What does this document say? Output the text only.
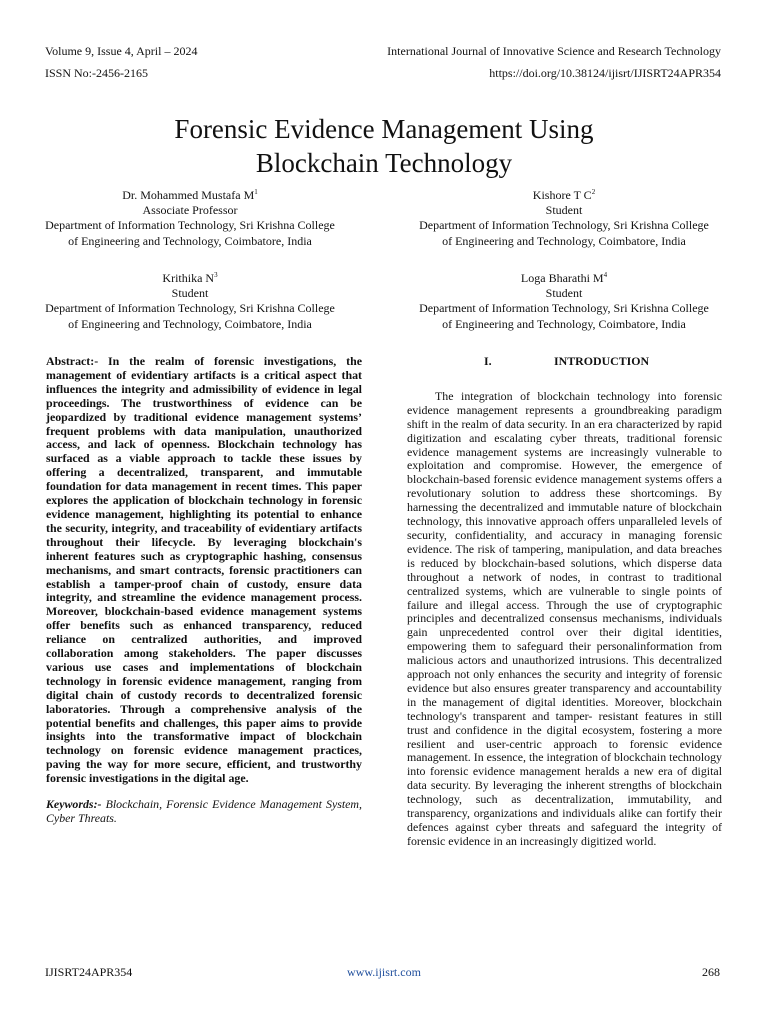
Volume 9, Issue 4, April – 2024	International Journal of Innovative Science and Research Technology
ISSN No:-2456-2165	https://doi.org/10.38124/ijisrt/IJISRT24APR354
Forensic Evidence Management Using
Blockchain Technology
Dr. Mohammed Mustafa $M^1$
Associate Professor
Department of Information Technology, Sri Krishna College
of Engineering and Technology, Coimbatore, India
Kishore T $C^2$
Student
Department of Information Technology, Sri Krishna College
of Engineering and Technology, Coimbatore, India
Krithika $N^3$
Student
Department of Information Technology, Sri Krishna College
of Engineering and Technology, Coimbatore, India
Loga Bharathi $M^4$
Student
Department of Information Technology, Sri Krishna College
of Engineering and Technology, Coimbatore, India

Abstract:- In the realm of forensic investigations, the management of evidentiary artifacts is a critical aspect that influences the integrity and admissibility of evidence in legal proceedings. The trustworthiness of evidence can be jeopardized by traditional evidence management systems’ frequent problems with data manipulation, unauthorized access, and lack of openness. Blockchain technology has surfaced as a viable approach to tackle these issues by offering a decentralized, transparent, and immutable foundation for data management in recent times. This paper explores the application of blockchain technology in forensic evidence management, highlighting its potential to enhance the security, integrity, and traceability of evidentiary artifacts throughout their lifecycle. By leveraging blockchain's inherent features such as cryptographic hashing, consensus mechanisms, and smart contracts, forensic practitioners can establish a tamper-proof chain of custody, ensure data integrity, and streamline the evidence management process. Moreover, blockchain-based evidence management systems offer benefits such as enhanced transparency, reduced reliance on centralized authorities, and improved collaboration among stakeholders. The paper discusses various use cases and implementations of blockchain technology in forensic evidence management, ranging from digital chain of custody records to decentralized forensic laboratories. Through a comprehensive analysis of the potential benefits and challenges, this paper aims to provide insights into the transformative impact of blockchain technology on forensic evidence management practices, paving the way for more secure, efficient, and trustworthy forensic investigations in the digital age.

Keywords:- Blockchain, Forensic Evidence Management System, Cyber Threats.

I.	INTRODUCTION

The integration of blockchain technology into forensic evidence management represents a groundbreaking paradigm shift in the realm of data security. In an era characterized by rapid digitization and escalating cyber threats, traditional forensic evidence management systems are increasingly vulnerable to exploitation and compromise. However, the emergence of blockchain-based forensic evidence management systems offers a revolutionary solution to address these shortcomings. By harnessing the decentralized and immutable nature of blockchain technology, this innovative approach offers unparalleled levels of security, confidentiality, and accuracy in managing forensic evidence. The risk of tampering, manipulation, and data breaches is reduced by blockchain-based solutions, which disperse data throughout a network of nodes, in contrast to traditional centralized systems, which are vulnerable to single points of failure and illegal access. Through the use of cryptographic principles and decentralized consensus mechanisms, individuals gain unprecedented control over their digital identities, empowering them to safeguard their personalinformation from malicious actors and unauthorized intrusions. This decentralized approach not only enhances the security and integrity of forensic evidence but also ensures greater transparency and accountability in the management of digital identities. Moreover, blockchain technology's transparent and tamper- resistant features in still trust and confidence in the digital ecosystem, fostering a more resilient and user-centric approach to forensic evidence management. In essence, the integration of blockchain technology into forensic evidence management heralds a new era of digital data security. By leveraging the inherent strengths of blockchain technology, such as decentralization, immutability, and transparency, organizations and individuals alike can fortify their defences against cyber threats and safeguard the integrity of forensic evidence in an increasingly digitized world.

IJISRT24APR354	www.ijisrt.com	268
